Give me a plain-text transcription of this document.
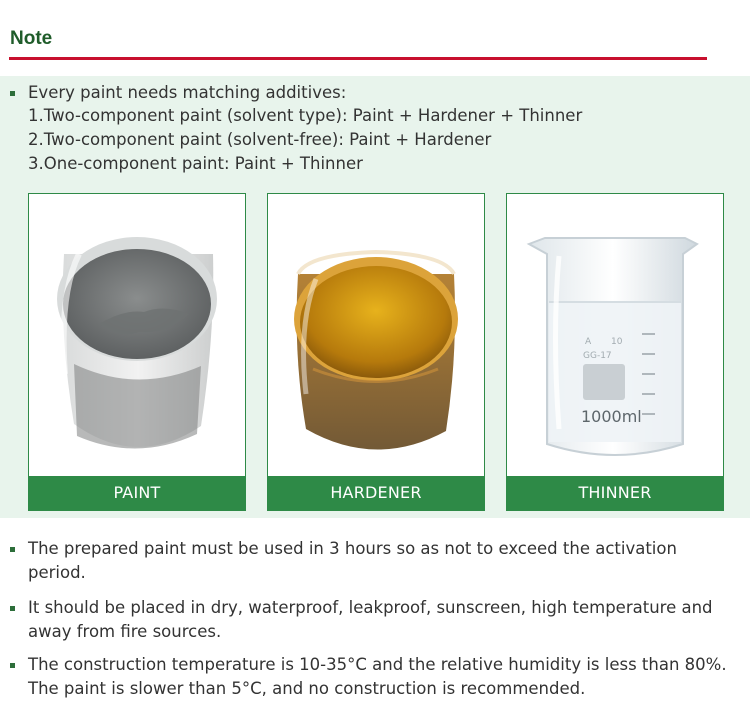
Note
Every paint needs matching additives:
1.Two-component paint (solvent type): Paint + Hardener + Thinner
2.Two-component paint (solvent-free): Paint + Hardener
3.One-component paint: Paint + Thinner
PAINT	HARDENER
A 10
GG-17
1000ml
THINNER
The prepared paint must be used in 3 hours so as not to exceed the activation period.
It should be placed in dry, waterproof, leakproof, sunscreen, high temperature and away from fire sources.
The construction temperature is 10-35°C and the relative humidity is less than 80%. The paint is slower than 5°C, and no construction is recommended.
